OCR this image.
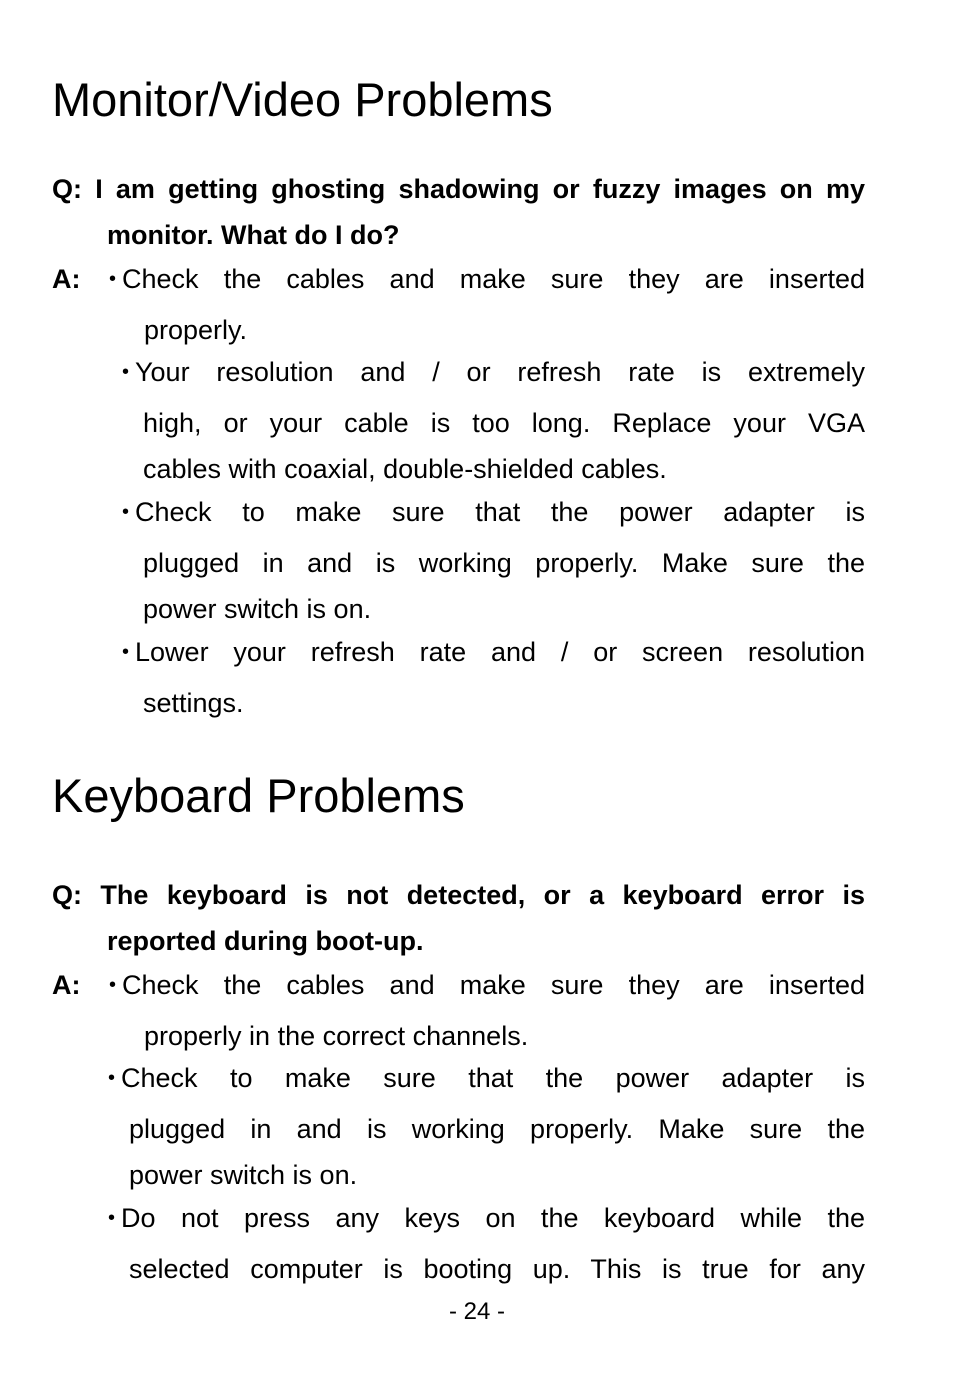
Monitor/Video Problems

Q: I am getting ghosting shadowing or fuzzy images on my monitor. What do I do?

A: • Check the cables and make sure they are inserted
properly.
• Your resolution and / or refresh rate is extremely
high, or your cable is too long. Replace your VGA
cables with coaxial, double-shielded cables.
• Check to make sure that the power adapter is
plugged in and is working properly. Make sure the
power switch is on.
• Lower your refresh rate and / or screen resolution
settings.
Keyboard Problems

Q: The keyboard is not detected, or a keyboard error is reported during boot-up.

A: • Check the cables and make sure they are inserted
properly in the correct channels.
• Check to make sure that the power adapter is
plugged in and is working properly. Make sure the
power switch is on.
• Do not press any keys on the keyboard while the
selected computer is booting up. This is true for any
- 24 -
